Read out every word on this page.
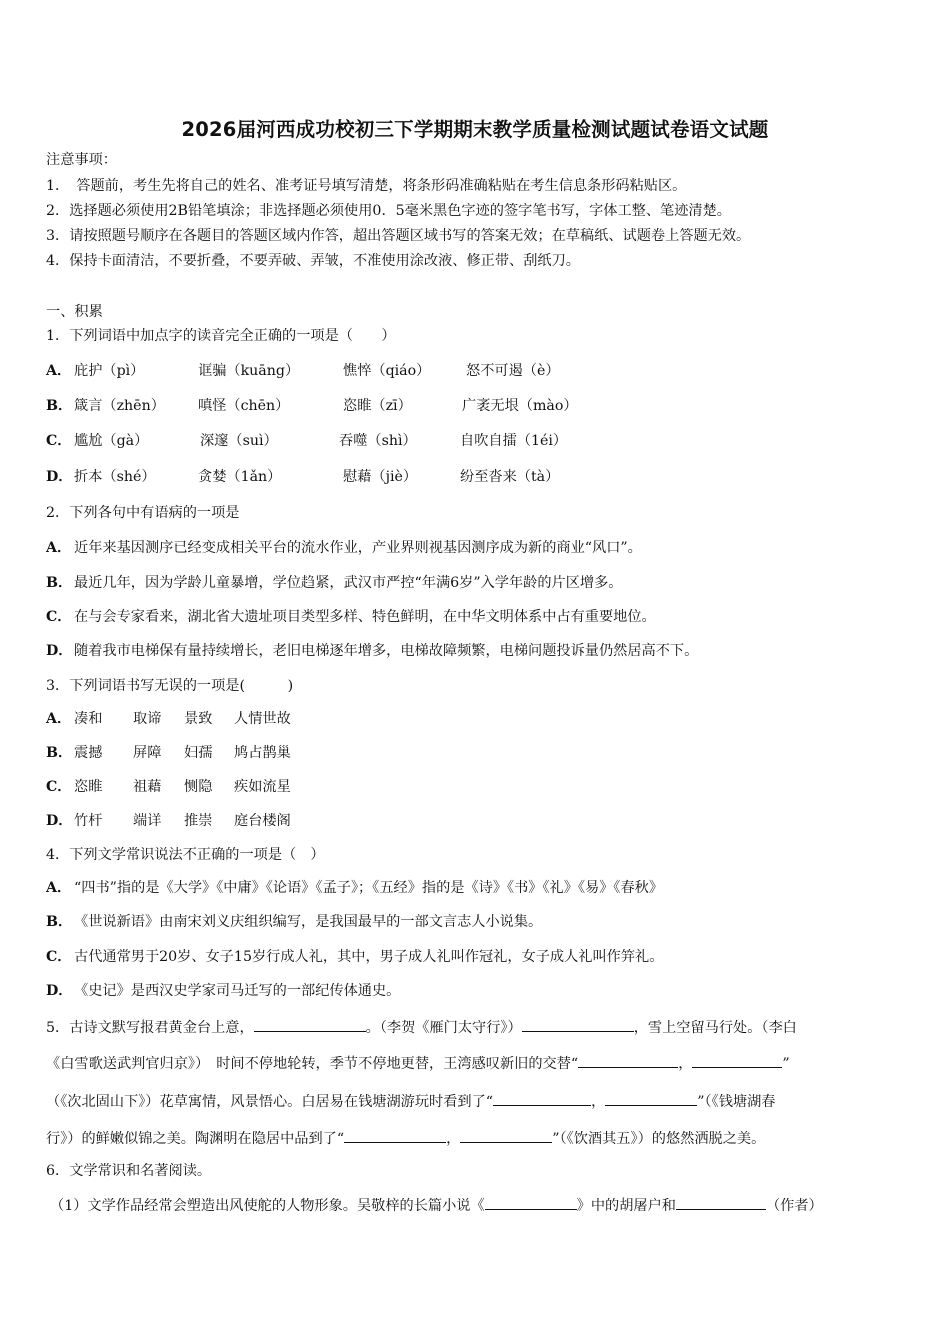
2026届河西成功校初三下学期期末教学质量检测试题试卷语文试题
注意事项：
1．　答题前，考生先将自己的姓名、准考证号填写清楚，将条形码准确粘贴在考生信息条形码粘贴区。
2．选择题必须使用2B铅笔填涂；非选择题必须使用0．5毫米黑色字迹的签字笔书写，字体工整、笔迹清楚。
3．请按照题号顺序在各题目的答题区域内作答，超出答题区域书写的答案无效；在草稿纸、试题卷上答题无效。
4．保持卡面清洁，不要折叠，不要弄破、弄皱，不准使用涂改液、修正带、刮纸刀。
一、积累
1．下列词语中加点字的读音完全正确的一项是（　　）
A． 庇护（pì）	诓骗（kuāng）	憔悴（qiáo）	怒不可遏（è）
B． 箴言（zhēn） 嗔怪（chēn）	恣睢（zī）	广袤无垠（mào）
C． 尴尬（gà）	深邃（suì）	吞噬（shì）	自吹自擂（1éi）
D． 折本（shé）	贪婪（1ǎn）	慰藉（jiè）	纷至沓来（tà）
2．下列各句中有语病的一项是
A． 近年来基因测序已经变成相关平台的流水作业，产业界则视基因测序成为新的商业“风口”。
B． 最近几年，因为学龄儿童暴增，学位趋紧，武汉市严控“年满6岁”入学年龄的片区增多。
C． 在与会专家看来，湖北省大遗址项目类型多样、特色鲜明，在中华文明体系中占有重要地位。
D． 随着我市电梯保有量持续增长，老旧电梯逐年增多，电梯故障频繁，电梯问题投诉量仍然居高不下。
3．下列词语书写无误的一项是(　　　)
A． 凑和 取谛 景致 人情世故
B． 震撼 屏障 妇孺 鸠占鹊巢
C． 恣睢 祖藉 恻隐 疾如流星
D． 竹杆 端详 推崇 庭台楼阁
4．下列文学常识说法不正确的一项是（　）
A． “四书”指的是《大学》《中庸》《论语》《孟子》；《五经》指的是《诗》《书》《礼》《易》《春秋》
B． 《世说新语》由南宋刘义庆组织编写，是我国最早的一部文言志人小说集。
C． 古代通常男于20岁、女子15岁行成人礼，其中，男子成人礼叫作冠礼，女子成人礼叫作笄礼。
D． 《史记》是西汉史学家司马迁写的一部纪传体通史。
5．古诗文默写报君黄金台上意，	。（李贺《雁门太守行》）	，雪上空留马行处。（李白
《白雪歌送武判官归京》）　时间不停地轮转，季节不停地更替，王湾感叹新旧的交替“	，	”
（《次北固山下》）花草寓情，风景悟心。白居易在钱塘湖游玩时看到了“	，	”（《钱塘湖春
行》）的鲜嫩似锦之美。陶渊明在隐居中品到了“	，	”（《饮酒其五》）的悠然洒脱之美。
6．文学常识和名著阅读。
（1）文学作品经常会塑造出风使舵的人物形象。吴敬梓的长篇小说《	》中的胡屠户和	（作者）
